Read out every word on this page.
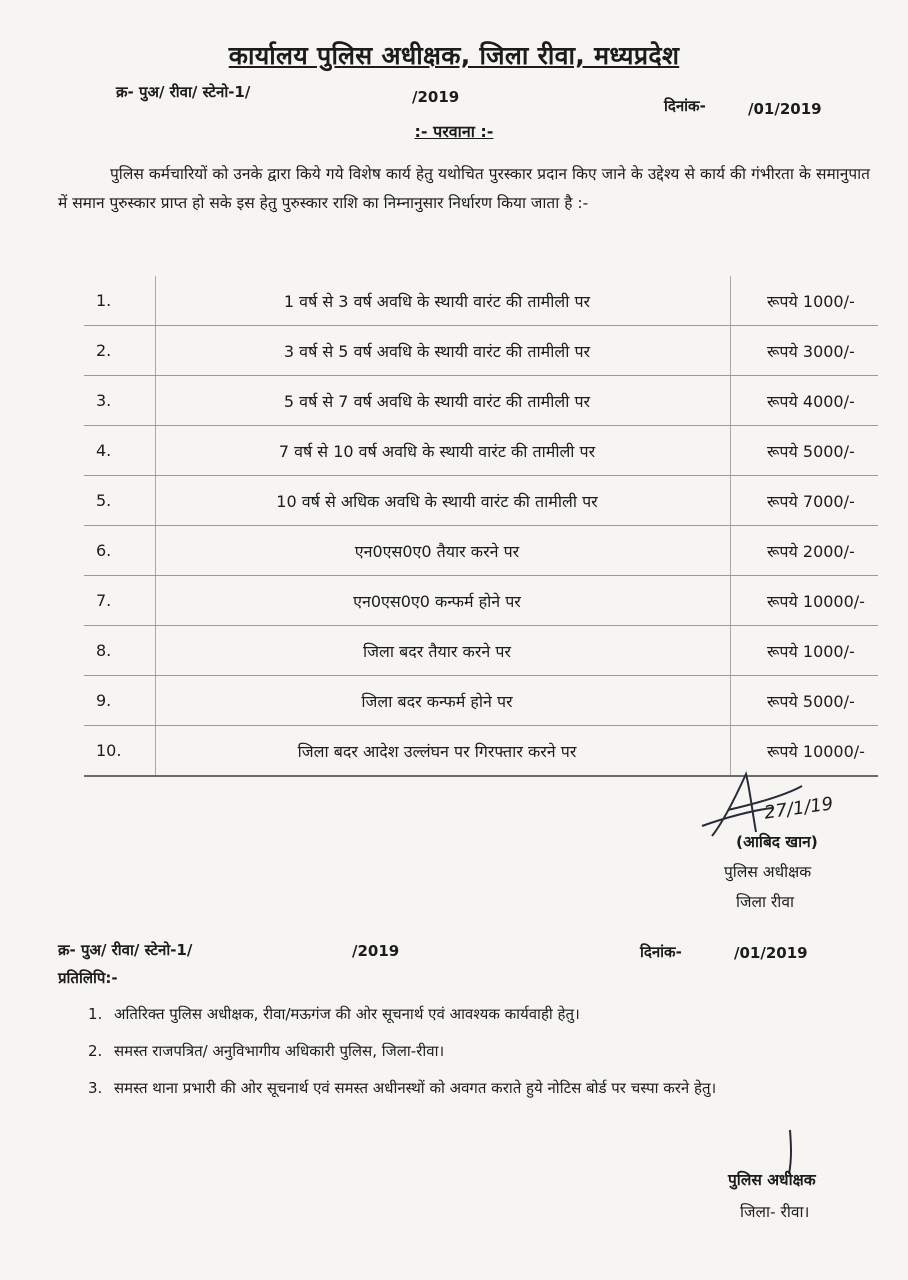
कार्यालय पुलिस अधीक्षक, जिला रीवा, मध्यप्रदेश
क्र- पुअ/ रीवा/ स्टेनो-1/	/2019	दिनांक-	/01/2019
:- परवाना :-
पुलिस कर्मचारियों को उनके द्वारा किये गये विशेष कार्य हेतु यथोचित पुरस्कार प्रदान किए जाने के उद्देश्य से कार्य की गंभीरता के समानुपात में समान पुरुस्कार प्राप्त हो सके इस हेतु पुरुस्कार राशि का निम्नानुसार निर्धारण किया जाता है :-
1.	1 वर्ष से 3 वर्ष अवधि के स्थायी वारंट की तामीली पर	रूपये 1000/-
2.	3 वर्ष से 5 वर्ष अवधि के स्थायी वारंट की तामीली पर	रूपये 3000/-
3.	5 वर्ष से 7 वर्ष अवधि के स्थायी वारंट की तामीली पर	रूपये 4000/-
4.	7 वर्ष से 10 वर्ष अवधि के स्थायी वारंट की तामीली पर	रूपये 5000/-
5.	10 वर्ष से अधिक अवधि के स्थायी वारंट की तामीली पर	रूपये 7000/-
6.	एन0एस0ए0 तैयार करने पर	रूपये 2000/-
7.	एन0एस0ए0 कन्फर्म होने पर	रूपये 10000/-
8.	जिला बदर तैयार करने पर	रूपये 1000/-
9.	जिला बदर कन्फर्म होने पर	रूपये 5000/-
10.	जिला बदर आदेश उल्लंघन पर गिरफ्तार करने पर	रूपये 10000/-
27/1/19
(आबिद खान)
पुलिस अधीक्षक
जिला रीवा
क्र- पुअ/ रीवा/ स्टेनो-1/	/2019	दिनांक-	/01/2019
प्रतिलिपि:-
1. अतिरिक्त पुलिस अधीक्षक, रीवा/मऊगंज की ओर सूचनार्थ एवं आवश्यक कार्यवाही हेतु।
2. समस्त राजपत्रित/ अनुविभागीय अधिकारी पुलिस, जिला-रीवा।
3. समस्त थाना प्रभारी की ओर सूचनार्थ एवं समस्त अधीनस्थों को अवगत कराते हुये नोटिस बोर्ड पर चस्पा करने हेतु।
पुलिस अधीक्षक
जिला- रीवा।
